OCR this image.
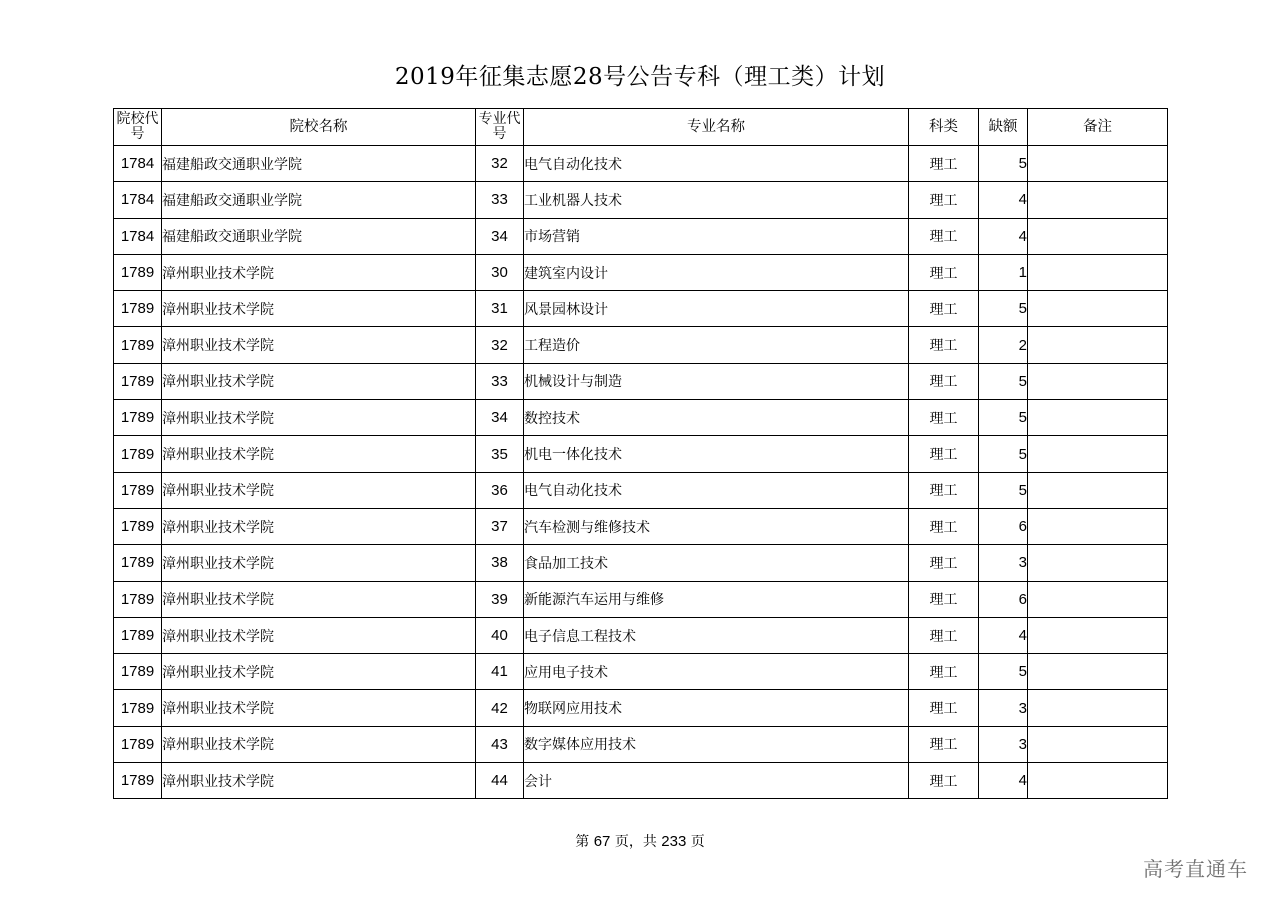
2019年征集志愿28号公告专科（理工类）计划
院校代号	院校名称	专业代号	专业名称	科类	缺额	备注
1784	福建船政交通职业学院	32	电气自动化技术	理工	5	
1784	福建船政交通职业学院	33	工业机器人技术	理工	4	
1784	福建船政交通职业学院	34	市场营销	理工	4	
1789	漳州职业技术学院	30	建筑室内设计	理工	1	
1789	漳州职业技术学院	31	风景园林设计	理工	5	
1789	漳州职业技术学院	32	工程造价	理工	2	
1789	漳州职业技术学院	33	机械设计与制造	理工	5	
1789	漳州职业技术学院	34	数控技术	理工	5	
1789	漳州职业技术学院	35	机电一体化技术	理工	5	
1789	漳州职业技术学院	36	电气自动化技术	理工	5	
1789	漳州职业技术学院	37	汽车检测与维修技术	理工	6	
1789	漳州职业技术学院	38	食品加工技术	理工	3	
1789	漳州职业技术学院	39	新能源汽车运用与维修	理工	6	
1789	漳州职业技术学院	40	电子信息工程技术	理工	4	
1789	漳州职业技术学院	41	应用电子技术	理工	5	
1789	漳州职业技术学院	42	物联网应用技术	理工	3	
1789	漳州职业技术学院	43	数字媒体应用技术	理工	3	
1789	漳州职业技术学院	44	会计	理工	4	
第 67 页，共 233 页
高考直通车
